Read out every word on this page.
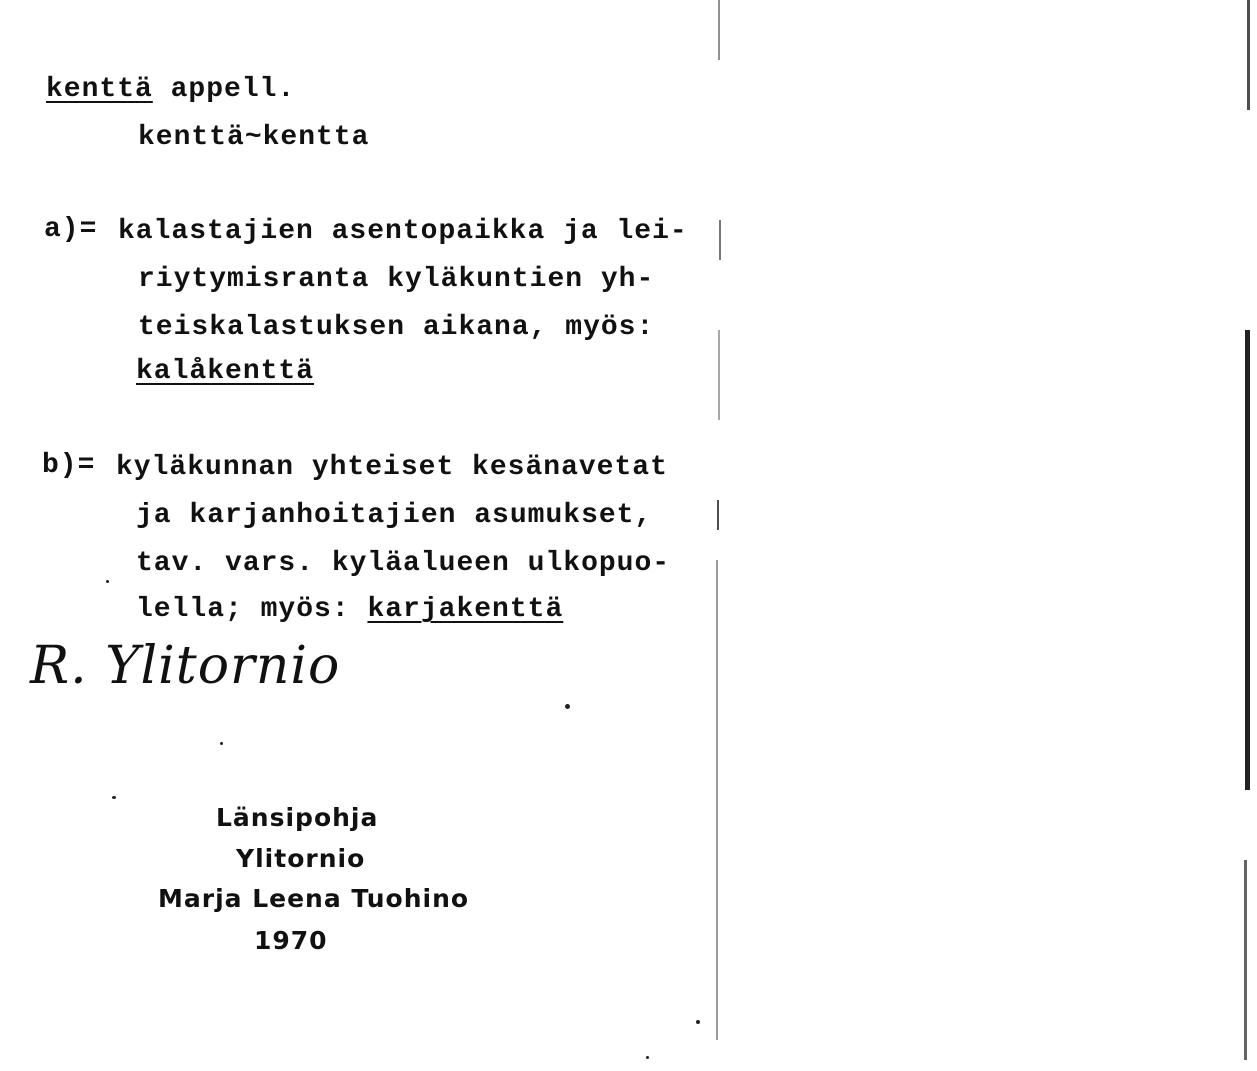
kenttä appell.
kenttä~kentta
a)= kalastajien asentopaikka ja lei-
riytymisranta kyläkuntien yh-
teiskalastuksen aikana, myös:
kalåkenttä
b)= kyläkunnan yhteiset kesänavetat
ja karjanhoitajien asumukset,
tav. vars. kyläalueen ulkopuo-
lella; myös: karjakenttä
R. Ylitornio
Länsipohja
Ylitornio
Marja Leena Tuohino
1970
